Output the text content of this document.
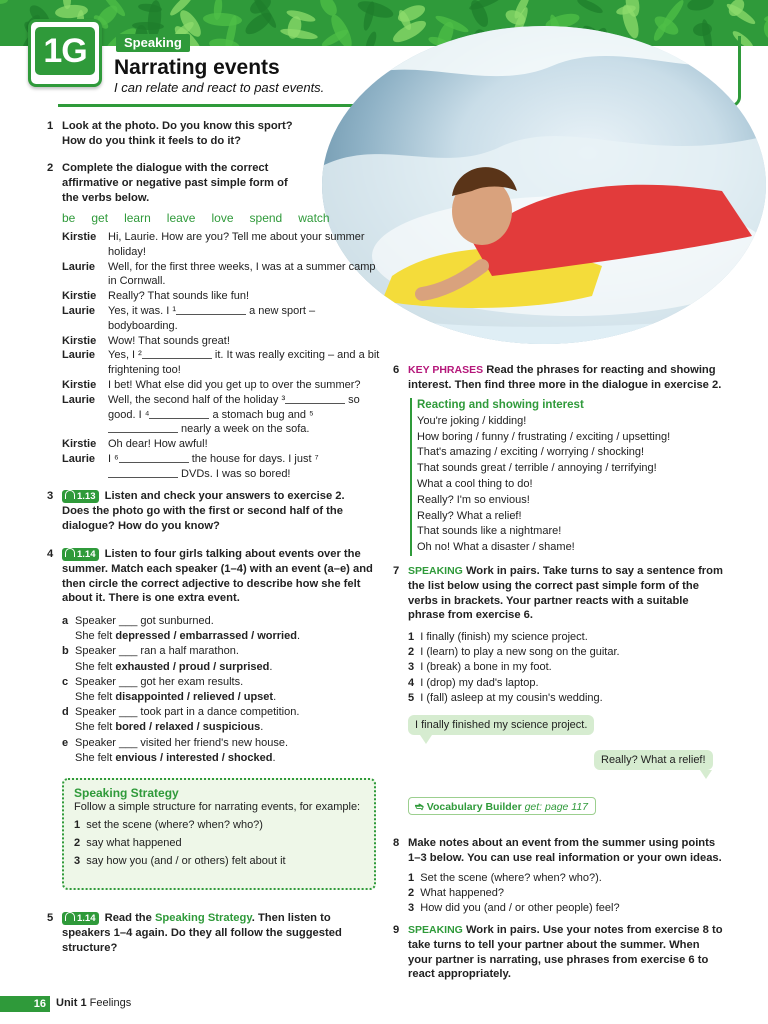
1G	Speaking
Narrating events
I can relate and react to past events.
1 Look at the photo. Do you know this sport? How do you think it feels to do it?
2 Complete the dialogue with the correct affirmative or negative past simple form of the verbs below.
be get learn leave love spend watch
Kirstie	Hi, Laurie. How are you? Tell me about your summer holiday!
Laurie	Well, for the first three weeks, I was at a summer camp in Cornwall.
Kirstie	Really? That sounds like fun!
Laurie	Yes, it was. I ¹	a new sport – bodyboarding.
Kirstie	Wow! That sounds great!
Laurie	Yes, I ²	it. It was really exciting – and a bit frightening too!
Kirstie	I bet! What else did you get up to over the summer?
Laurie	Well, the second half of the holiday ³	so good. I ⁴	a stomach bug and ⁵ nearly a week on the sofa.
Kirstie	Oh dear! How awful!
Laurie	I ⁶	the house for days. I just ⁷ DVDs. I was so bored!
3	1.13 Listen and check your answers to exercise 2. Does the photo go with the first or second half of the dialogue? How do you know?
4	1.14 Listen to four girls talking about events over the summer. Match each speaker (1–4) with an event (a–e) and then circle the correct adjective to describe how she felt about it. There is one extra event.
a Speaker ___ got sunburned.
She felt depressed / embarrassed / worried.
b Speaker ___ ran a half marathon.
She felt exhausted / proud / surprised.
c Speaker ___ got her exam results.
She felt disappointed / relieved / upset.
d Speaker ___ took part in a dance competition.
She felt bored / relaxed / suspicious.
e Speaker ___ visited her friend's new house.
She felt envious / interested / shocked.
Speaking Strategy
Follow a simple structure for narrating events, for example:
1 set the scene (where? when? who?)
2 say what happened
3 say how you (and / or others) felt about it
5	1.14 Read the Speaking Strategy. Then listen to speakers 1–4 again. Do they all follow the suggested structure?
6 KEY PHRASES Read the phrases for reacting and showing interest. Then find three more in the dialogue in exercise 2.
Reacting and showing interest
You're joking / kidding!
How boring / funny / frustrating / exciting / upsetting!
That's amazing / exciting / worrying / shocking!
That sounds great / terrible / annoying / terrifying!
What a cool thing to do!
Really? I'm so envious!
Really? What a relief!
That sounds like a nightmare!
Oh no! What a disaster / shame!
7 SPEAKING Work in pairs. Take turns to say a sentence from the list below using the correct past simple form of the verbs in brackets. Your partner reacts with a suitable phrase from exercise 6.
1 I finally (finish) my science project.
2 I (learn) to play a new song on the guitar.
3 I (break) a bone in my foot.
4 I (drop) my dad's laptop.
5 I (fall) asleep at my cousin's wedding.
I finally finished my science project.
Really? What a relief!
➬ Vocabulary Builder get: page 117
8 Make notes about an event from the summer using points 1–3 below. You can use real information or your own ideas.
1 Set the scene (where? when? who?).
2 What happened?
3 How did you (and / or other people) feel?
9 SPEAKING Work in pairs. Use your notes from exercise 8 to take turns to tell your partner about the summer. When your partner is narrating, use phrases from exercise 6 to react appropriately.
16 Unit 1 Feelings
